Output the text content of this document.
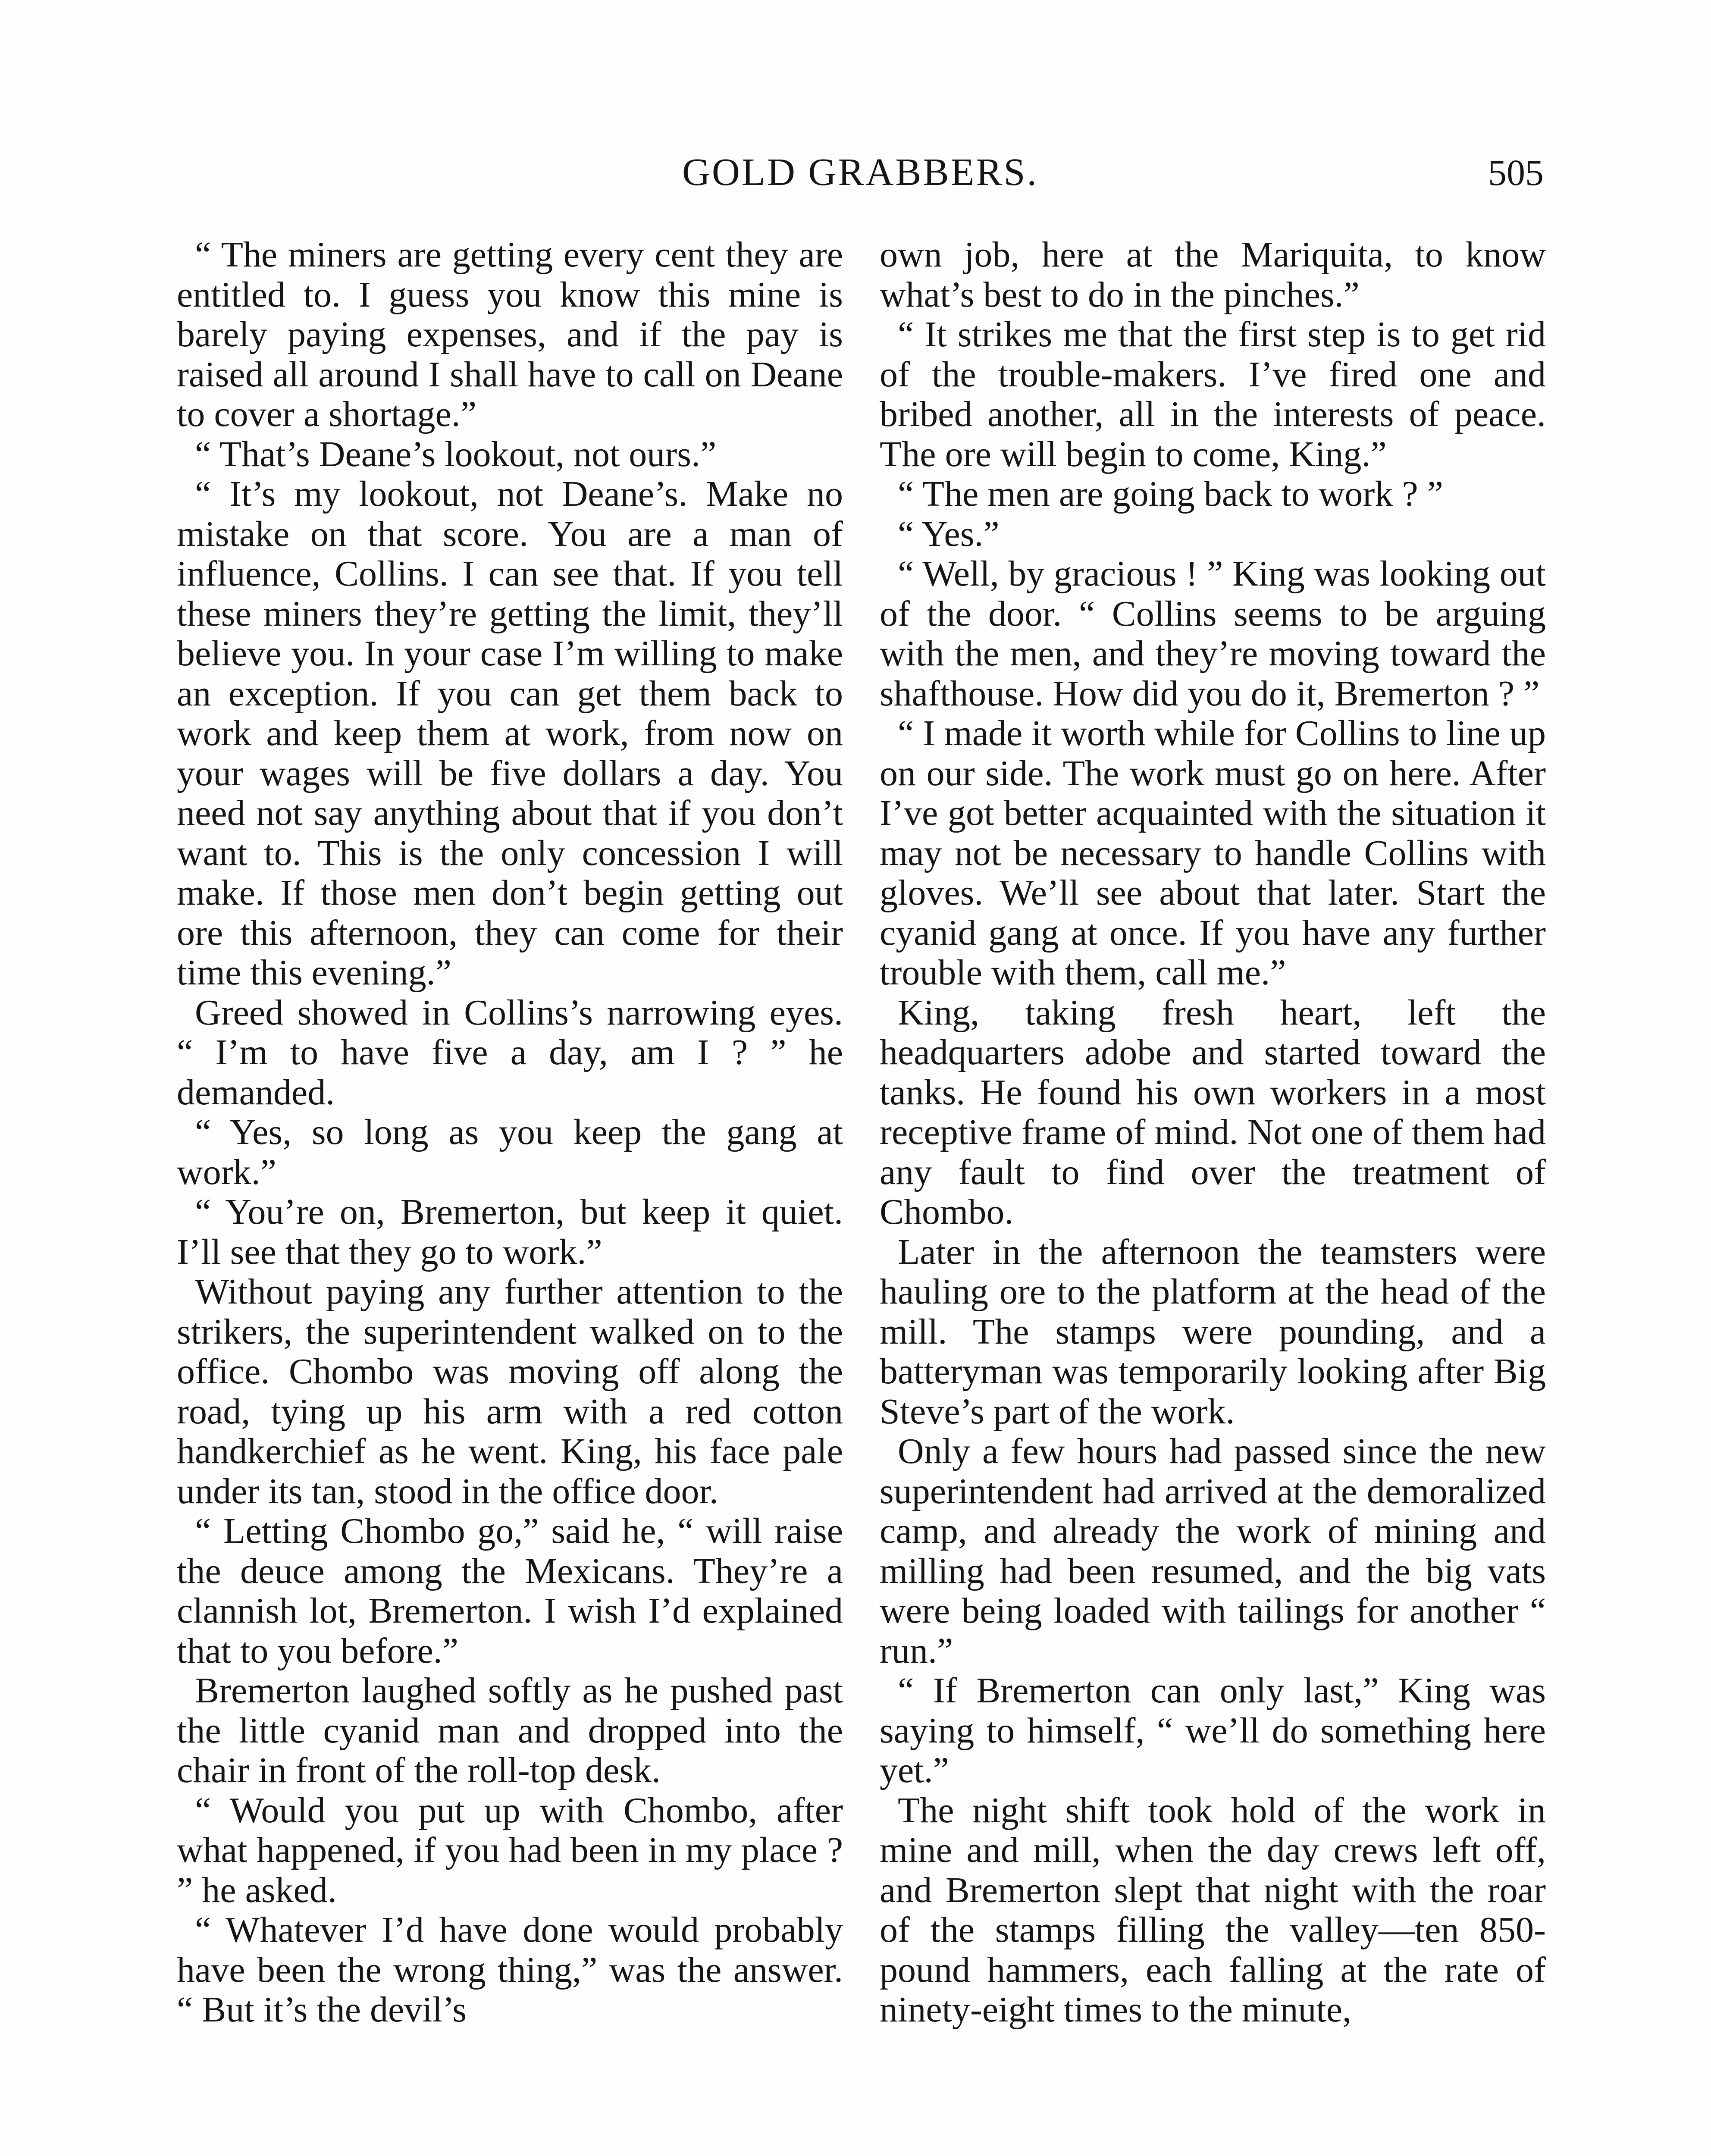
GOLD GRABBERS.	505

“ The miners are getting every cent they are entitled to. I guess you know this mine is barely paying expenses, and if the pay is raised all around I shall have to call on Deane to cover a shortage.”

“ That’s Deane’s lookout, not ours.”

“ It’s my lookout, not Deane’s. Make no mistake on that score. You are a man of influence, Collins. I can see that. If you tell these miners they’re getting the limit, they’ll believe you. In your case I’m willing to make an exception. If you can get them back to work and keep them at work, from now on your wages will be five dollars a day. You need not say anything about that if you don’t want to. This is the only concession I will make. If those men don’t begin getting out ore this afternoon, they can come for their time this evening.”

Greed showed in Collins’s narrowing eyes. “ I’m to have five a day, am I ? ” he demanded.

“ Yes, so long as you keep the gang at work.”

“ You’re on, Bremerton, but keep it quiet. I’ll see that they go to work.”

Without paying any further attention to the strikers, the superintendent walked on to the office. Chombo was moving off along the road, tying up his arm with a red cotton handkerchief as he went. King, his face pale under its tan, stood in the office door.

“ Letting Chombo go,” said he, “ will raise the deuce among the Mexicans. They’re a clannish lot, Bremerton. I wish I’d explained that to you before.”

Bremerton laughed softly as he pushed past the little cyanid man and dropped into the chair in front of the roll-top desk.

“ Would you put up with Chombo, after what happened, if you had been in my place ? ” he asked.

“ Whatever I’d have done would probably have been the wrong thing,” was the answer. “ But it’s the devil’s

own job, here at the Mariquita, to know what’s best to do in the pinches.”

“ It strikes me that the first step is to get rid of the trouble-makers. I’ve fired one and bribed another, all in the interests of peace. The ore will begin to come, King.”

“ The men are going back to work ? ”

“ Yes.”

“ Well, by gracious ! ” King was looking out of the door. “ Collins seems to be arguing with the men, and they’re moving toward the shafthouse. How did you do it, Bremerton ? ”

“ I made it worth while for Collins to line up on our side. The work must go on here. After I’ve got better acquainted with the situation it may not be necessary to handle Collins with gloves. We’ll see about that later. Start the cyanid gang at once. If you have any further trouble with them, call me.”

King, taking fresh heart, left the headquarters adobe and started toward the tanks. He found his own workers in a most receptive frame of mind. Not one of them had any fault to find over the treatment of Chombo.

Later in the afternoon the teamsters were hauling ore to the platform at the head of the mill. The stamps were pounding, and a batteryman was temporarily looking after Big Steve’s part of the work.

Only a few hours had passed since the new superintendent had arrived at the demoralized camp, and already the work of mining and milling had been resumed, and the big vats were being loaded with tailings for another “ run.”

“ If Bremerton can only last,” King was saying to himself, “ we’ll do something here yet.”

The night shift took hold of the work in mine and mill, when the day crews left off, and Bremerton slept that night with the roar of the stamps filling the valley—ten 850-pound hammers, each falling at the rate of ninety-eight times to the minute,
